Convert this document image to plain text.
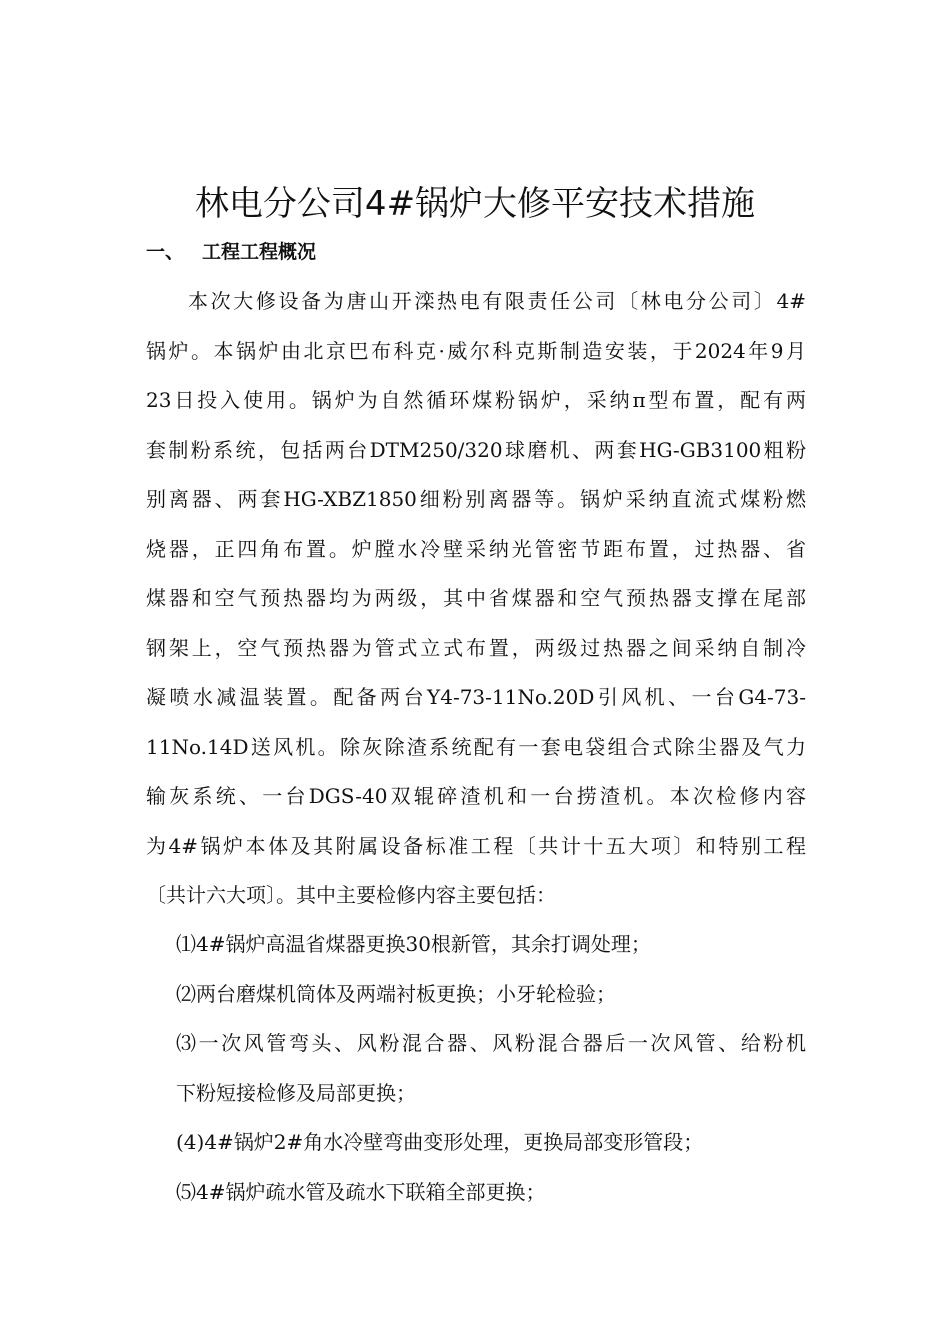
林电分公司4#锅炉大修平安技术措施
一、 工程工程概况
本次大修设备为唐山开滦热电有限责任公司〔林电分公司〕4#
锅炉。本锅炉由北京巴布科克·威尔科克斯制造安装，于2024年9月
23日投入使用。锅炉为自然循环煤粉锅炉，采纳π型布置，配有两
套制粉系统，包括两台DTM250/320球磨机、两套HG-GB3100粗粉
别离器、两套HG-XBZ1850细粉别离器等。锅炉采纳直流式煤粉燃
烧器，正四角布置。炉膛水冷壁采纳光管密节距布置，过热器、省
煤器和空气预热器均为两级，其中省煤器和空气预热器支撑在尾部
钢架上，空气预热器为管式立式布置，两级过热器之间采纳自制冷
凝喷水减温装置。配备两台Y4-73-11No.20D引风机、一台G4-73-
11No.14D送风机。除灰除渣系统配有一套电袋组合式除尘器及气力
输灰系统、一台DGS-40双辊碎渣机和一台捞渣机。本次检修内容
为4#锅炉本体及其附属设备标准工程〔共计十五大项〕和特别工程
〔共计六大项〕。其中主要检修内容主要包括：
⑴4#锅炉高温省煤器更换30根新管，其余打调处理；
⑵两台磨煤机筒体及两端衬板更换；小牙轮检验；
⑶一次风管弯头、风粉混合器、风粉混合器后一次风管、给粉机
下粉短接检修及局部更换；
(4)4#锅炉2#角水冷壁弯曲变形处理，更换局部变形管段；
⑸4#锅炉疏水管及疏水下联箱全部更换；
